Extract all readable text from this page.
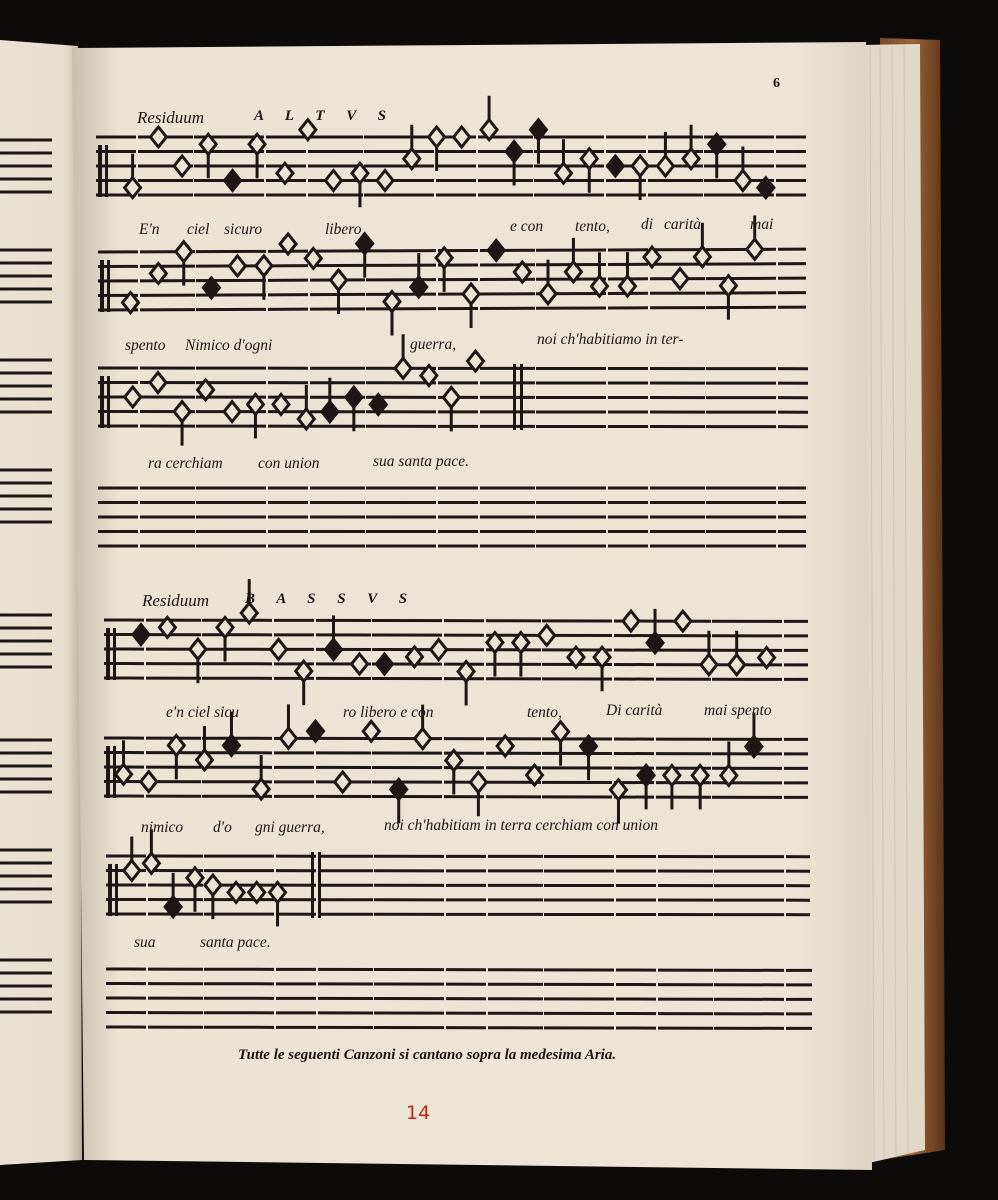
6
Residuum	A L T V S
E'n ciel sicuro	libero	e con tento, di carità	mai
spento Nimico d'ogni	guerra,	noi ch'habitiamo in ter-
ra cerchiam con union	sua santa pace.
Residuum B A S S V S
e'n ciel sicu	ro libero e con	tento,	Di carità	mai spento
nimico d'o gni guerra,	noi ch'habitiam in terra cerchiam con union
sua	santa pace.
Tutte le seguenti Canzoni si cantano sopra la medesima Aria.
14
